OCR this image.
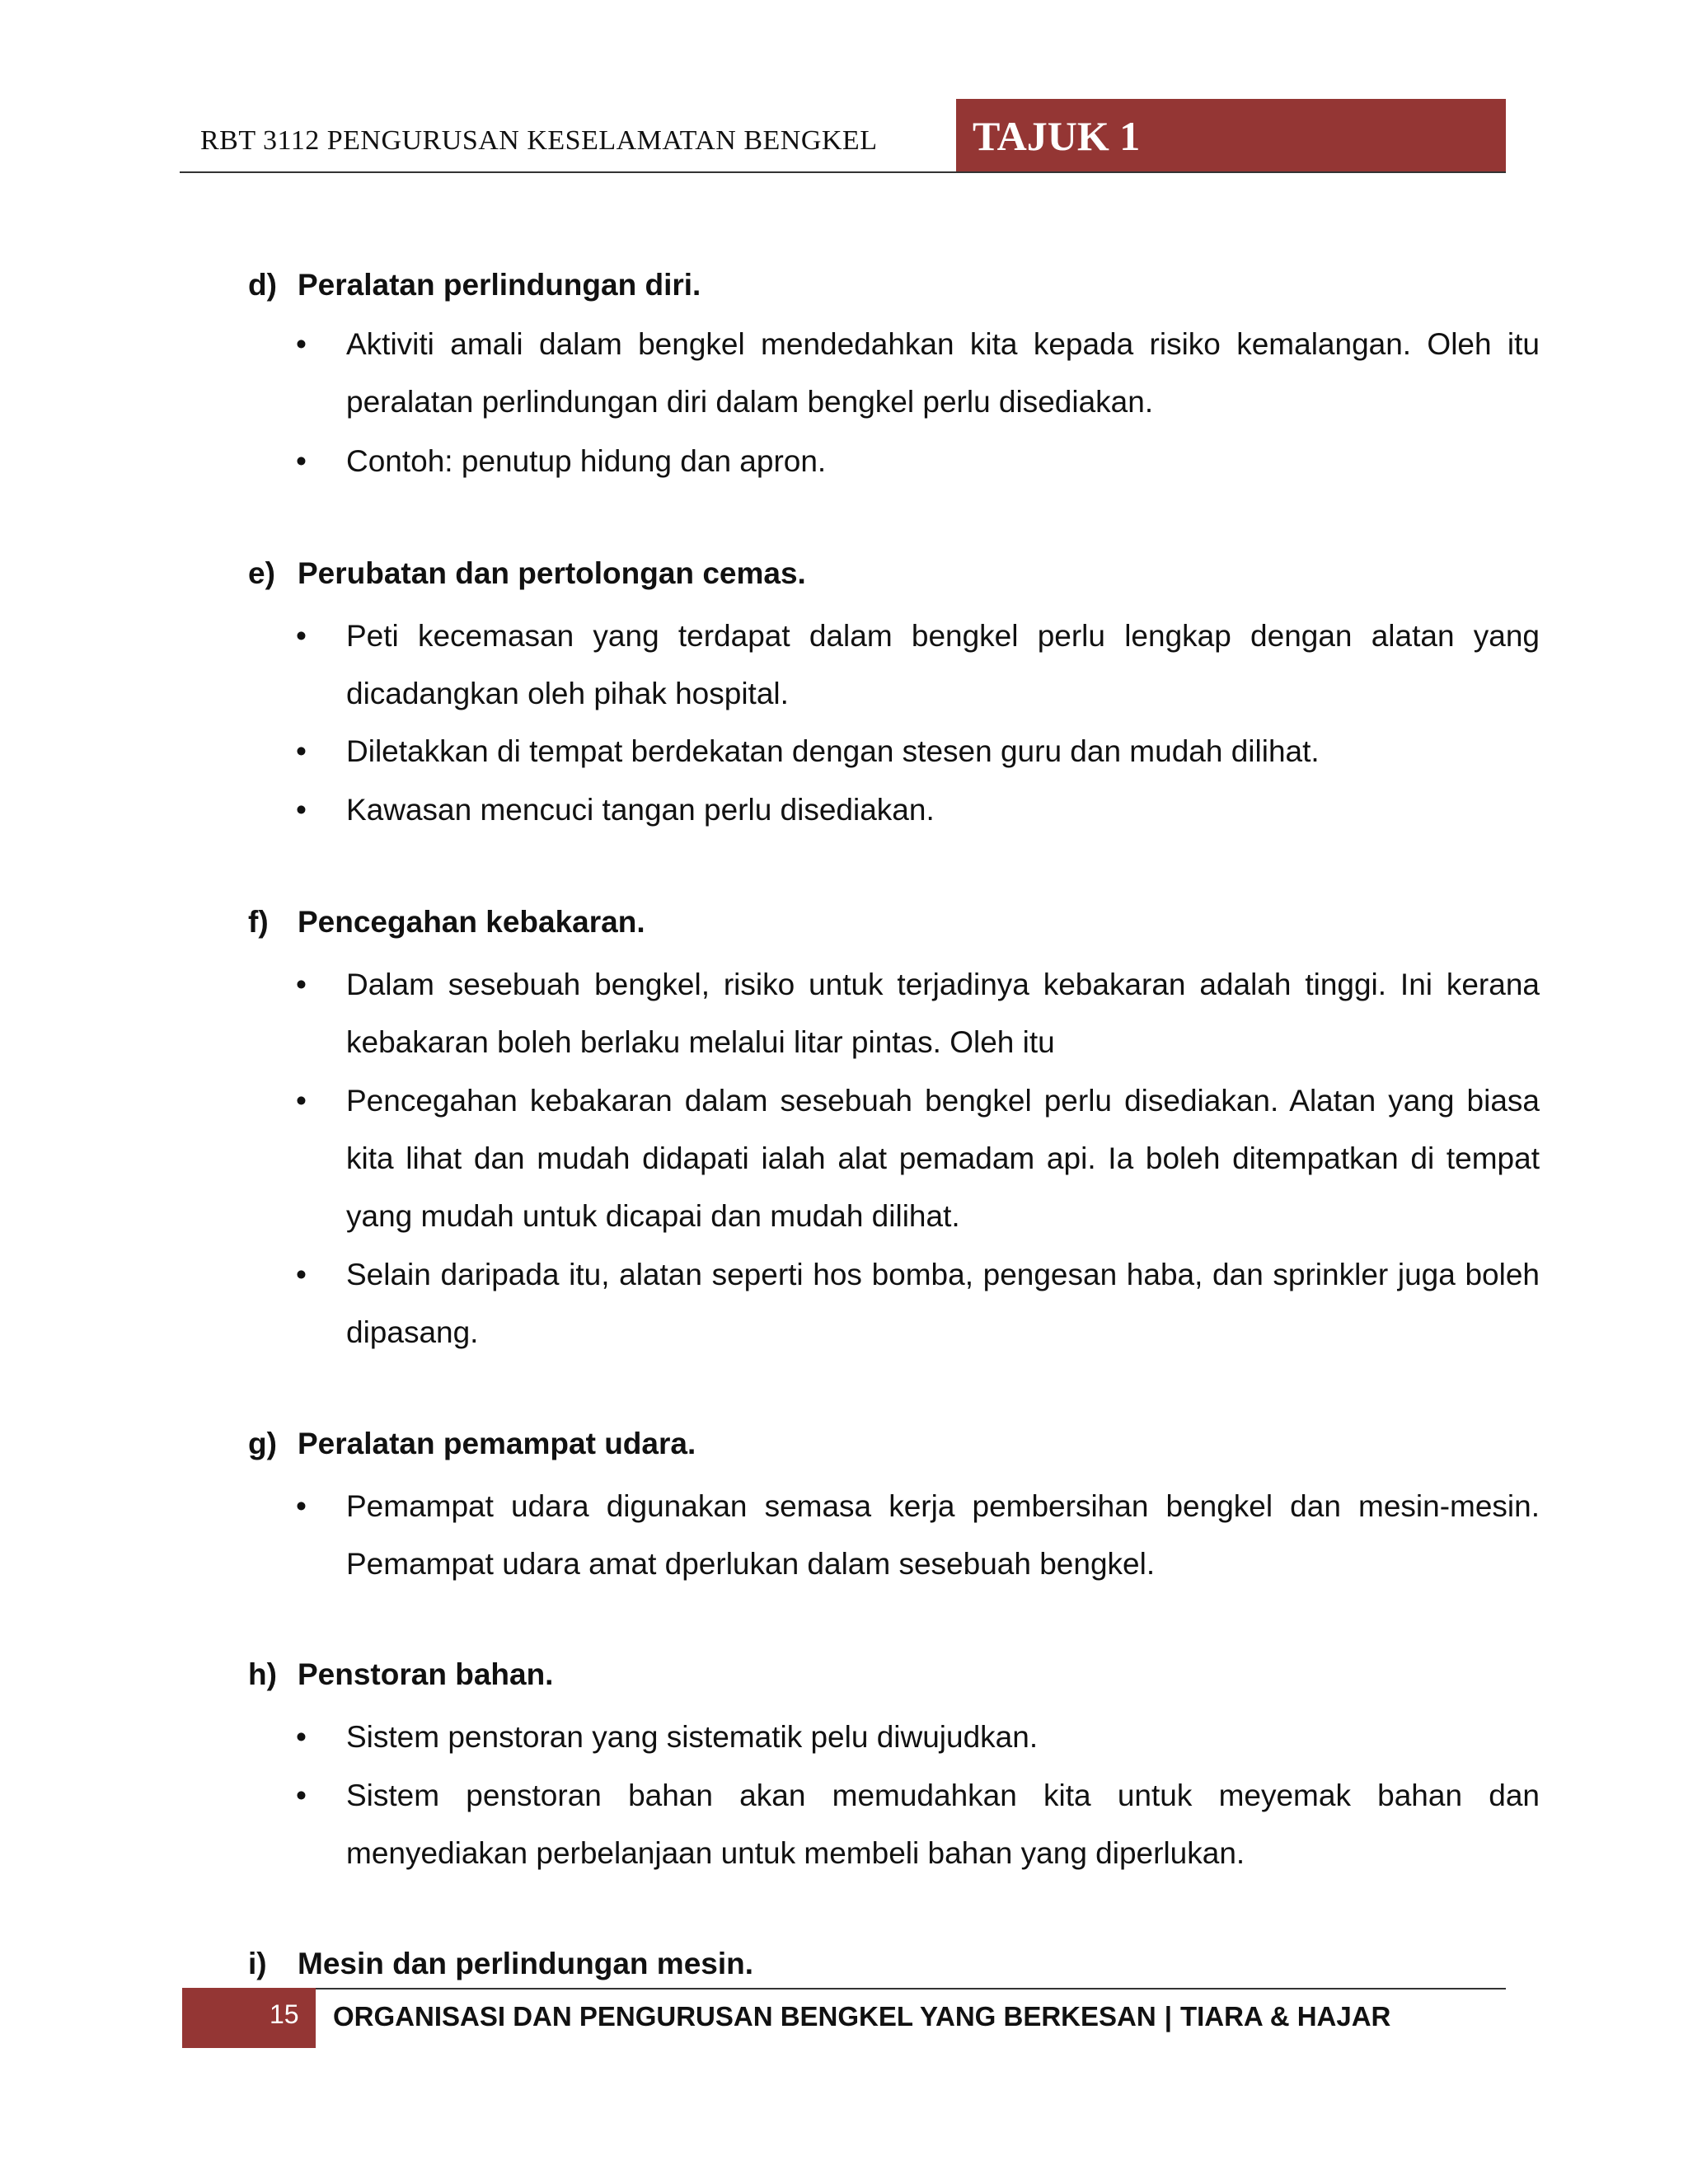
RBT 3112 PENGURUSAN KESELAMATAN BENGKEL TAJUK 1
d) Peralatan perlindungan diri.
• Aktiviti amali dalam bengkel mendedahkan kita kepada risiko kemalangan. Oleh itu peralatan perlindungan diri dalam bengkel perlu disediakan.
• Contoh: penutup hidung dan apron.
e) Perubatan dan pertolongan cemas.
• Peti kecemasan yang terdapat dalam bengkel perlu lengkap dengan alatan yang dicadangkan oleh pihak hospital.
• Diletakkan di tempat berdekatan dengan stesen guru dan mudah dilihat.
• Kawasan mencuci tangan perlu disediakan.
f) Pencegahan kebakaran.
• Dalam sesebuah bengkel, risiko untuk terjadinya kebakaran adalah tinggi. Ini kerana kebakaran boleh berlaku melalui litar pintas. Oleh itu
• Pencegahan kebakaran dalam sesebuah bengkel perlu disediakan. Alatan yang biasa kita lihat dan mudah didapati ialah alat pemadam api. Ia boleh ditempatkan di tempat yang mudah untuk dicapai dan mudah dilihat.
• Selain daripada itu, alatan seperti hos bomba, pengesan haba, dan sprinkler juga boleh dipasang.
g) Peralatan pemampat udara.
• Pemampat udara digunakan semasa kerja pembersihan bengkel dan mesin-mesin. Pemampat udara amat dperlukan dalam sesebuah bengkel.
h) Penstoran bahan.
• Sistem penstoran yang sistematik pelu diwujudkan.
• Sistem penstoran bahan akan memudahkan kita untuk meyemak bahan dan menyediakan perbelanjaan untuk membeli bahan yang diperlukan.
i) Mesin dan perlindungan mesin.
15 ORGANISASI DAN PENGURUSAN BENGKEL YANG BERKESAN | TIARA & HAJAR
